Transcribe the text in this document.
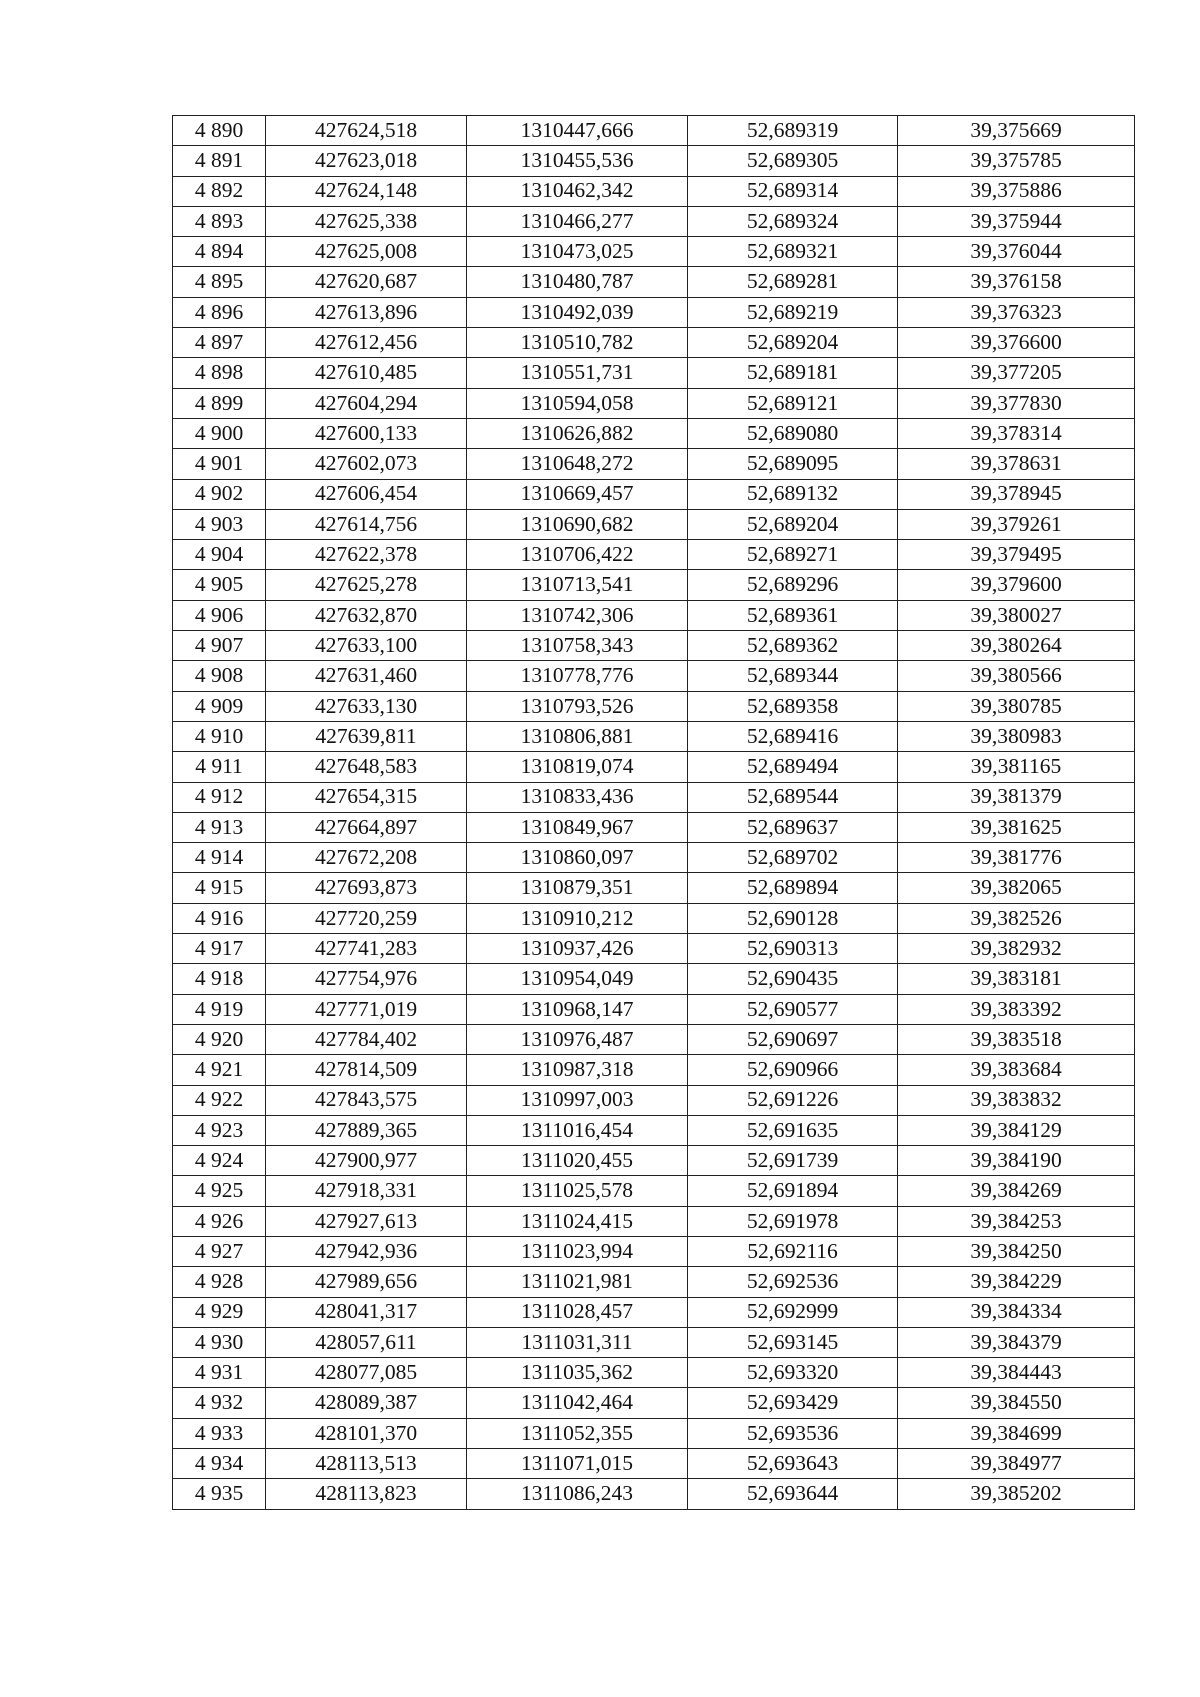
4 890	427624,518	1310447,666	52,689319	39,375669
4 891	427623,018	1310455,536	52,689305	39,375785
4 892	427624,148	1310462,342	52,689314	39,375886
4 893	427625,338	1310466,277	52,689324	39,375944
4 894	427625,008	1310473,025	52,689321	39,376044
4 895	427620,687	1310480,787	52,689281	39,376158
4 896	427613,896	1310492,039	52,689219	39,376323
4 897	427612,456	1310510,782	52,689204	39,376600
4 898	427610,485	1310551,731	52,689181	39,377205
4 899	427604,294	1310594,058	52,689121	39,377830
4 900	427600,133	1310626,882	52,689080	39,378314
4 901	427602,073	1310648,272	52,689095	39,378631
4 902	427606,454	1310669,457	52,689132	39,378945
4 903	427614,756	1310690,682	52,689204	39,379261
4 904	427622,378	1310706,422	52,689271	39,379495
4 905	427625,278	1310713,541	52,689296	39,379600
4 906	427632,870	1310742,306	52,689361	39,380027
4 907	427633,100	1310758,343	52,689362	39,380264
4 908	427631,460	1310778,776	52,689344	39,380566
4 909	427633,130	1310793,526	52,689358	39,380785
4 910	427639,811	1310806,881	52,689416	39,380983
4 911	427648,583	1310819,074	52,689494	39,381165
4 912	427654,315	1310833,436	52,689544	39,381379
4 913	427664,897	1310849,967	52,689637	39,381625
4 914	427672,208	1310860,097	52,689702	39,381776
4 915	427693,873	1310879,351	52,689894	39,382065
4 916	427720,259	1310910,212	52,690128	39,382526
4 917	427741,283	1310937,426	52,690313	39,382932
4 918	427754,976	1310954,049	52,690435	39,383181
4 919	427771,019	1310968,147	52,690577	39,383392
4 920	427784,402	1310976,487	52,690697	39,383518
4 921	427814,509	1310987,318	52,690966	39,383684
4 922	427843,575	1310997,003	52,691226	39,383832
4 923	427889,365	1311016,454	52,691635	39,384129
4 924	427900,977	1311020,455	52,691739	39,384190
4 925	427918,331	1311025,578	52,691894	39,384269
4 926	427927,613	1311024,415	52,691978	39,384253
4 927	427942,936	1311023,994	52,692116	39,384250
4 928	427989,656	1311021,981	52,692536	39,384229
4 929	428041,317	1311028,457	52,692999	39,384334
4 930	428057,611	1311031,311	52,693145	39,384379
4 931	428077,085	1311035,362	52,693320	39,384443
4 932	428089,387	1311042,464	52,693429	39,384550
4 933	428101,370	1311052,355	52,693536	39,384699
4 934	428113,513	1311071,015	52,693643	39,384977
4 935	428113,823	1311086,243	52,693644	39,385202
